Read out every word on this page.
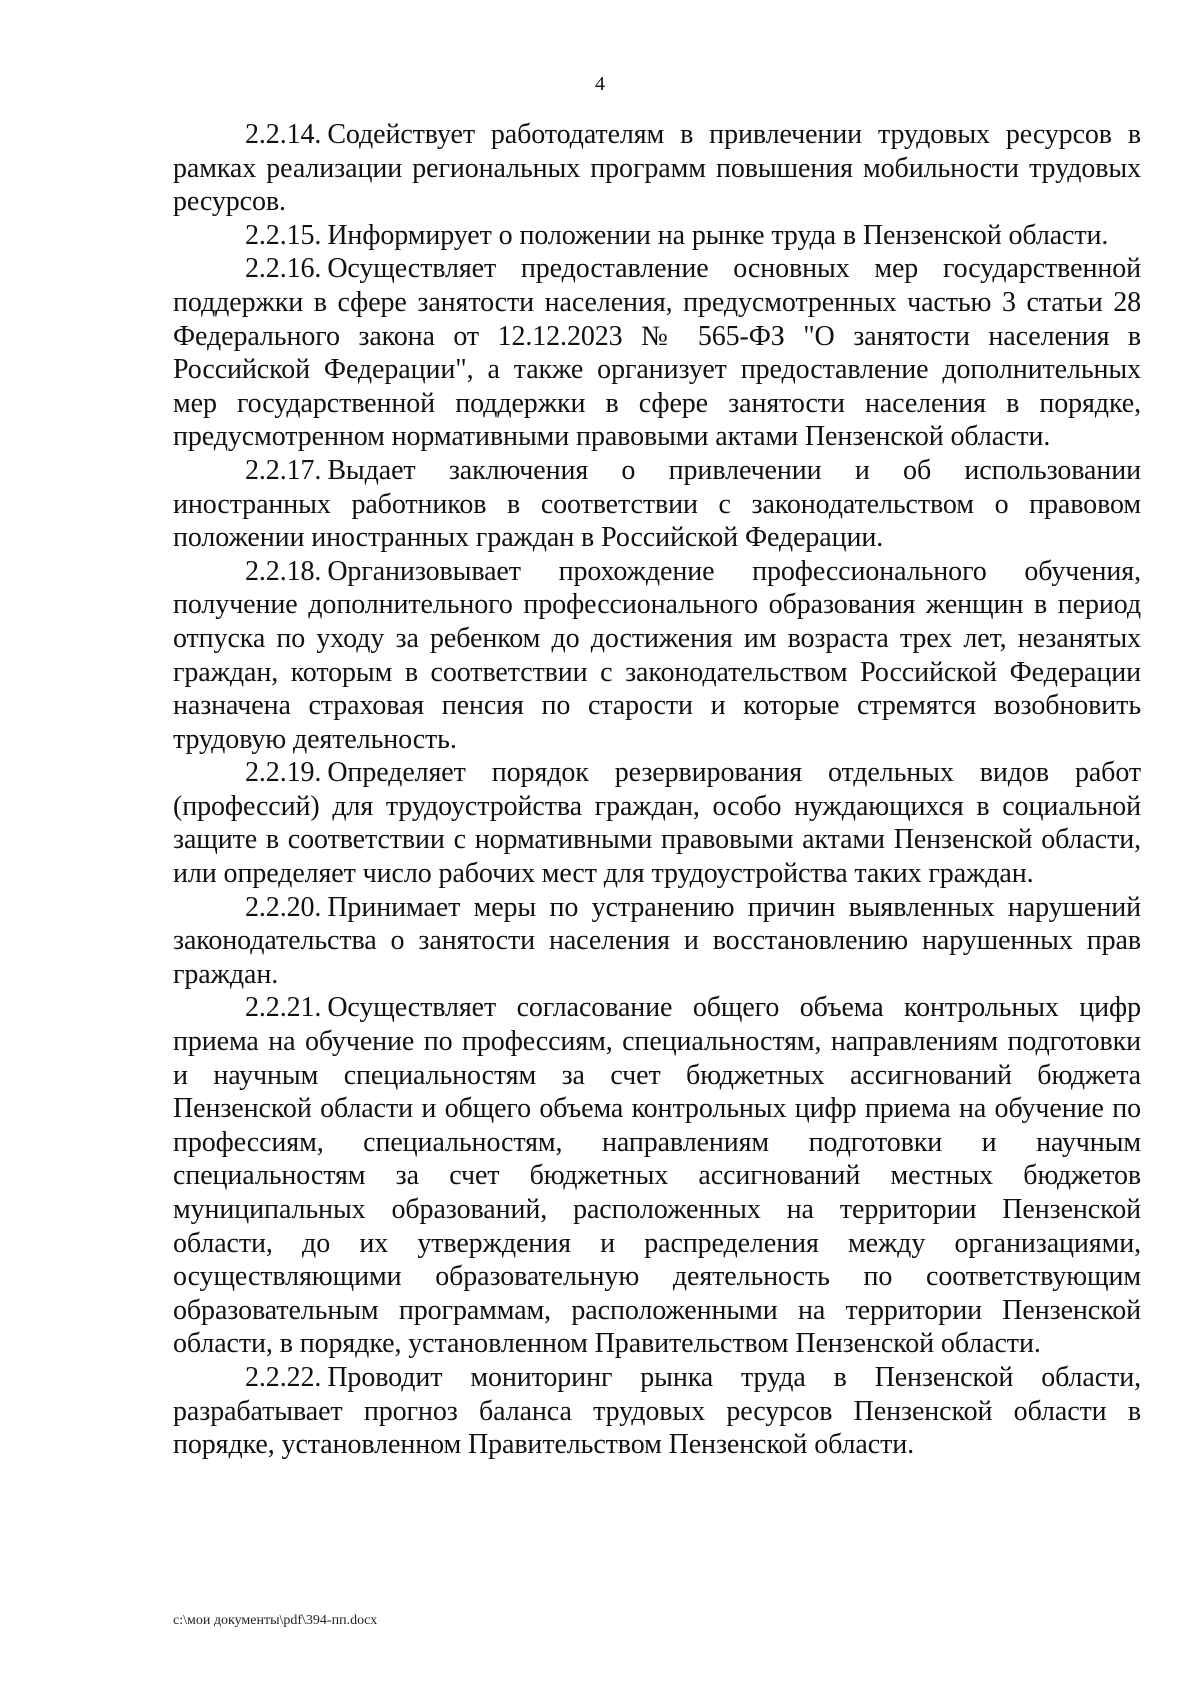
4

2.2.14. Содействует работодателям в привлечении трудовых ресурсов в рамках реализации региональных программ повышения мобильности трудовых ресурсов.

2.2.15. Информирует о положении на рынке труда в Пензенской области.

2.2.16. Осуществляет предоставление основных мер государственной поддержки в сфере занятости населения, предусмотренных частью 3 статьи 28 Федерального закона от 12.12.2023 № 565-ФЗ "О занятости населения в Российской Федерации", а также организует предоставление дополнительных мер государственной поддержки в сфере занятости населения в порядке, предусмотренном нормативными правовыми актами Пензенской области.

2.2.17. Выдает заключения о привлечении и об использовании иностранных работников в соответствии с законодательством о правовом положении иностранных граждан в Российской Федерации.

2.2.18. Организовывает прохождение профессионального обучения, получение дополнительного профессионального образования женщин в период отпуска по уходу за ребенком до достижения им возраста трех лет, незанятых граждан, которым в соответствии с законодательством Российской Федерации назначена страховая пенсия по старости и которые стремятся возобновить трудовую деятельность.

2.2.19. Определяет порядок резервирования отдельных видов работ (профессий) для трудоустройства граждан, особо нуждающихся в социальной защите в соответствии с нормативными правовыми актами Пензенской области, или определяет число рабочих мест для трудоустройства таких граждан.

2.2.20. Принимает меры по устранению причин выявленных нарушений законодательства о занятости населения и восстановлению нарушенных прав граждан.

2.2.21. Осуществляет согласование общего объема контрольных цифр приема на обучение по профессиям, специальностям, направлениям подготовки и научным специальностям за счет бюджетных ассигнований бюджета Пензенской области и общего объема контрольных цифр приема на обучение по профессиям, специальностям, направлениям подготовки и научным специальностям за счет бюджетных ассигнований местных бюджетов муниципальных образований, расположенных на территории Пензенской области, до их утверждения и распределения между организациями, осуществляющими образовательную деятельность по соответствующим образовательным программам, расположенными на территории Пензенской области, в порядке, установленном Правительством Пензенской области.

2.2.22. Проводит мониторинг рынка труда в Пензенской области, разрабатывает прогноз баланса трудовых ресурсов Пензенской области в порядке, установленном Правительством Пензенской области.

c:\мои документы\pdf\394-пп.docx
